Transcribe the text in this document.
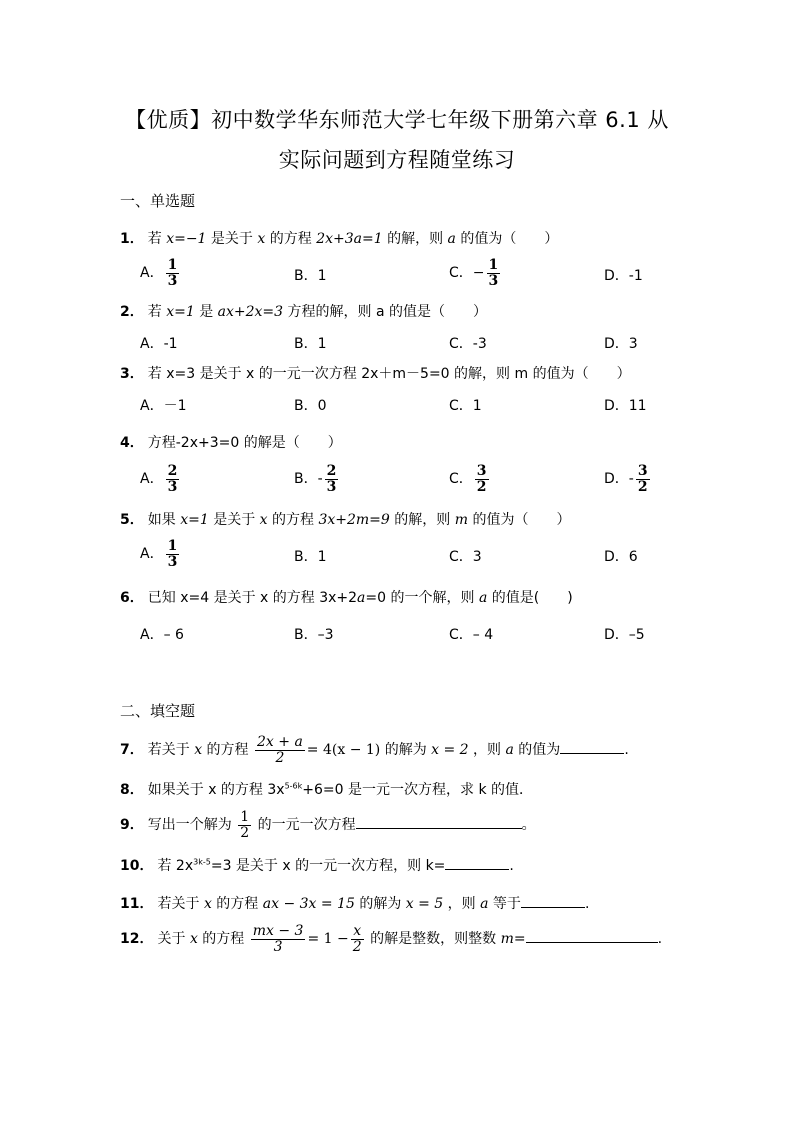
【优质】初中数学华东师范大学七年级下册第六章 6.1 从
实际问题到方程随堂练习
一、单选题
1． 若 x=−1 是关于 x 的方程 2x+3a=1 的解，则 a 的值为（　　）
A． $\frac{1}{3}$	B．1	C．− $\frac{1}{3}$	D．-1
2． 若 x=1 是 ax+2x=3 方程的解，则 a 的值是（　　）
A．-1	B．1	C．-3	D．3
3． 若 x=3 是关于 x 的一元一次方程 2x＋m－5=0 的解，则 m 的值为（　　）
A．－1	B．0	C．1	D．11
4． 方程-2x+3=0 的解是（　　）
A． $\frac{2}{3}$	B．- $\frac{2}{3}$	C． $\frac{3}{2}$	D．- $\frac{3}{2}$
5． 如果 x=1 是关于 x 的方程 3x+2m=9 的解，则 m 的值为（　　）
A． $\frac{1}{3}$	B．1	C．3	D．6
6． 已知 x=4 是关于 x 的方程 3x+2a=0 的一个解，则 a 的值是(　　)
A．– 6	B．–3	C．– 4	D．–5
二、填空题
7． 若关于 x 的方程 $\frac{2x + a}{2} = 4(x - 1)$ 的解为 x = 2 ，则 a 的值为	.
8． 如果关于 x 的方程 $3x^{5-6k}+6=0$ 是一元一次方程，求 k 的值．
9． 写出一个解为 $\frac{1}{2}$ 的一元一次方程	。
10． 若 $2x^{3k-5}=3$ 是关于 x 的一元一次方程，则 k=	.
11． 若关于 x 的方程 ax − 3x = 15 的解为 x = 5 ，则 a 等于	.
12． 关于 x 的方程 $\frac{mx - 3}{3} = 1 - \frac{x}{2}$ 的解是整数，则整数 m=	.
